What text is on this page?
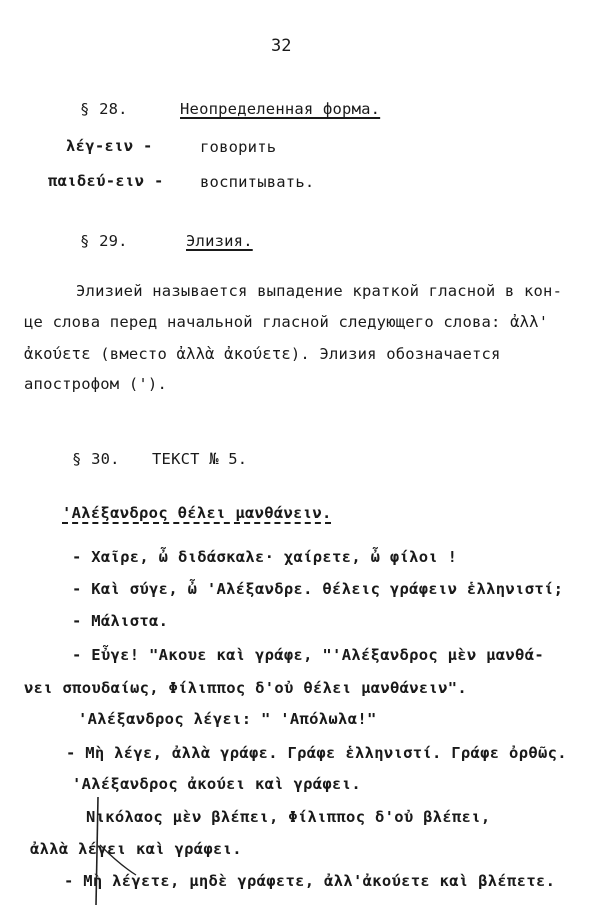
32
§ 28.	Неопределенная форма.
λέγ-ειν -	говорить
παιδεύ-ειν - воспитывать.
§ 29.	Элизия.
Элизией называется выпадение краткой гласной в кон-
це слова перед начальной гласной следующего слова: ἀλλ'
ἀκούετε (вместо ἀλλὰ ἀκούετε). Элизия обозначается
апострофом (').
§ 30. ТЕКСТ № 5.
'Αλέξανδρος θέλει μανθάνειν.
- Χαῖρε, ὦ διδάσκαλε· χαίρετε, ὦ φίλοι !
- Καὶ σύγε, ὦ 'Αλέξανδρε. θέλεις γράφειν ἑλληνιστί;
- Μάλιστα.
- Εὖγε! "Ακουε καὶ γράφε, "'Αλέξανδρος μὲν μανθά-
νει σπουδαίως, Φίλιππος δ'οὐ θέλει μανθάνειν".
'Αλέξανδρος λέγει: " 'Απόλωλα!"
- Μὴ λέγε, ἀλλὰ γράφε. Γράφε ἑλληνιστί. Γράφε ὀρθῶς.
'Αλέξανδρος ἀκούει καὶ γράφει.
Νικόλαος μὲν βλέπει, Φίλιππος δ'οὐ βλέπει,
ἀλλὰ λέγει καὶ γράφει.
- Μὴ λέγετε, μηδὲ γράφετε, ἀλλ'ἀκούετε καὶ βλέπετε.
